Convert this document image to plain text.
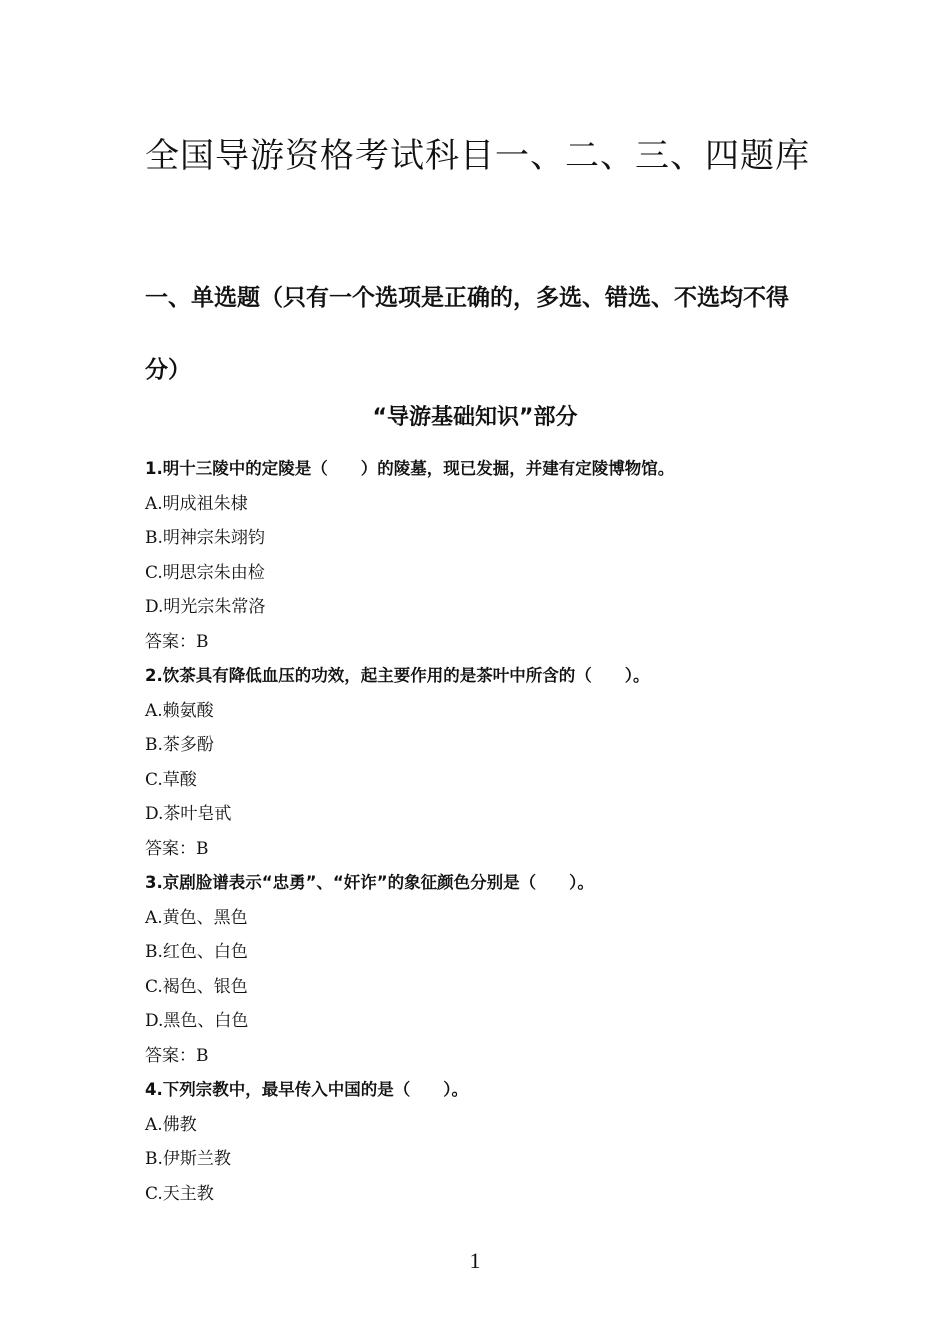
全国导游资格考试科目一、二、三、四题库
一、单选题（只有一个选项是正确的，多选、错选、不选均不得分）
“导游基础知识”部分
1.明十三陵中的定陵是（　　）的陵墓，现已发掘，并建有定陵博物馆。
A.明成祖朱棣
B.明神宗朱翊钧
C.明思宗朱由检
D.明光宗朱常洛
答案：B
2.饮茶具有降低血压的功效，起主要作用的是茶叶中所含的（　　）。
A.赖氨酸
B.茶多酚
C.草酸
D.茶叶皂甙
答案：B
3.京剧脸谱表示“忠勇”、“奸诈”的象征颜色分别是（　　）。
A.黄色、黑色
B.红色、白色
C.褐色、银色
D.黑色、白色
答案：B
4.下列宗教中，最早传入中国的是（　　）。
A.佛教
B.伊斯兰教
C.天主教
1
